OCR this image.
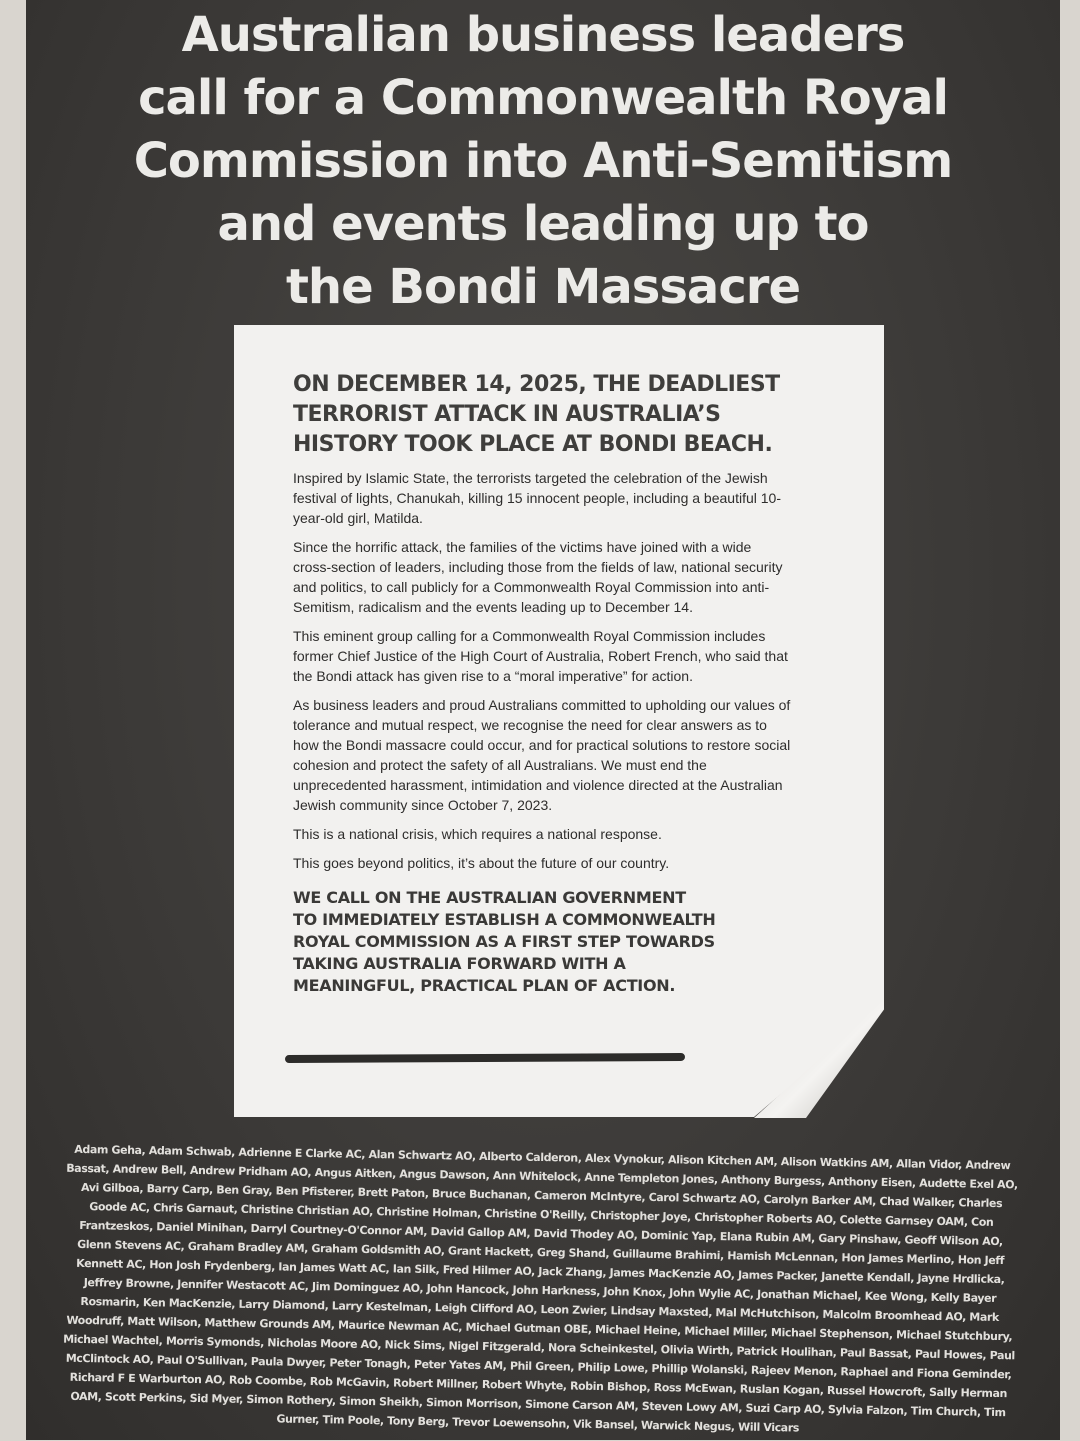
Australian business leaders
call for a Commonwealth Royal
Commission into Anti-Semitism
and events leading up to
the Bondi Massacre
ON DECEMBER 14, 2025, THE DEADLIEST
TERRORIST ATTACK IN AUSTRALIA’S
HISTORY TOOK PLACE AT BONDI BEACH.

Inspired by Islamic State, the terrorists targeted the celebration of the Jewish festival of lights, Chanukah, killing 15 innocent people, including a beautiful 10-year-old girl, Matilda.

Since the horrific attack, the families of the victims have joined with a wide cross-section of leaders, including those from the fields of law, national security and politics, to call publicly for a Commonwealth Royal Commission into anti-Semitism, radicalism and the events leading up to December 14.

This eminent group calling for a Commonwealth Royal Commission includes former Chief Justice of the High Court of Australia, Robert French, who said that the Bondi attack has given rise to a “moral imperative” for action.

As business leaders and proud Australians committed to upholding our values of tolerance and mutual respect, we recognise the need for clear answers as to how the Bondi massacre could occur, and for practical solutions to restore social cohesion and protect the safety of all Australians. We must end the unprecedented harassment, intimidation and violence directed at the Australian Jewish community since October 7, 2023.

This is a national crisis, which requires a national response.

This goes beyond politics, it’s about the future of our country.

WE CALL ON THE AUSTRALIAN GOVERNMENT
TO IMMEDIATELY ESTABLISH A COMMONWEALTH
ROYAL COMMISSION AS A FIRST STEP TOWARDS
TAKING AUSTRALIA FORWARD WITH A
MEANINGFUL, PRACTICAL PLAN OF ACTION.

Adam Geha, Adam Schwab, Adrienne E Clarke AC, Alan Schwartz AO, Alberto Calderon, Alex Vynokur, Alison Kitchen AM, Alison Watkins AM, Allan Vidor, Andrew Bassat, Andrew Bell, Andrew Pridham AO, Angus Aitken, Angus Dawson, Ann Whitelock, Anne Templeton Jones, Anthony Burgess, Anthony Eisen, Audette Exel AO, Avi Gilboa, Barry Carp, Ben Gray, Ben Pfisterer, Brett Paton, Bruce Buchanan, Cameron McIntyre, Carol Schwartz AO, Carolyn Barker AM, Chad Walker, Charles Goode AC, Chris Garnaut, Christine Christian AO, Christine Holman, Christine O'Reilly, Christopher Joye, Christopher Roberts AO, Colette Garnsey OAM, Con Frantzeskos, Daniel Minihan, Darryl Courtney-O'Connor AM, David Gallop AM, David Thodey AO, Dominic Yap, Elana Rubin AM, Gary Pinshaw, Geoff Wilson AO, Glenn Stevens AC, Graham Bradley AM, Graham Goldsmith AO, Grant Hackett, Greg Shand, Guillaume Brahimi, Hamish McLennan, Hon James Merlino, Hon Jeff Kennett AC, Hon Josh Frydenberg, Ian James Watt AC, Ian Silk, Fred Hilmer AO, Jack Zhang, James MacKenzie AO, James Packer, Janette Kendall, Jayne Hrdlicka, Jeffrey Browne, Jennifer Westacott AC, Jim Dominguez AO, John Hancock, John Harkness, John Knox, John Wylie AC, Jonathan Michael, Kee Wong, Kelly Bayer Rosmarin, Ken MacKenzie, Larry Diamond, Larry Kestelman, Leigh Clifford AO, Leon Zwier, Lindsay Maxsted, Mal McHutchison, Malcolm Broomhead AO, Mark Woodruff, Matt Wilson, Matthew Grounds AM, Maurice Newman AC, Michael Gutman OBE, Michael Heine, Michael Miller, Michael Stephenson, Michael Stutchbury, Michael Wachtel, Morris Symonds, Nicholas Moore AO, Nick Sims, Nigel Fitzgerald, Nora Scheinkestel, Olivia Wirth, Patrick Houlihan, Paul Bassat, Paul Howes, Paul McClintock AO, Paul O'Sullivan, Paula Dwyer, Peter Tonagh, Peter Yates AM, Phil Green, Philip Lowe, Phillip Wolanski, Rajeev Menon, Raphael and Fiona Geminder, Richard F E Warburton AO, Rob Coombe, Rob McGavin, Robert Millner, Robert Whyte, Robin Bishop, Ross McEwan, Ruslan Kogan, Russel Howcroft, Sally Herman OAM, Scott Perkins, Sid Myer, Simon Rothery, Simon Sheikh, Simon Morrison, Simone Carson AM, Steven Lowy AM, Suzi Carp AO, Sylvia Falzon, Tim Church, Tim Gurner, Tim Poole, Tony Berg, Trevor Loewensohn, Vik Bansel, Warwick Negus, Will Vicars
